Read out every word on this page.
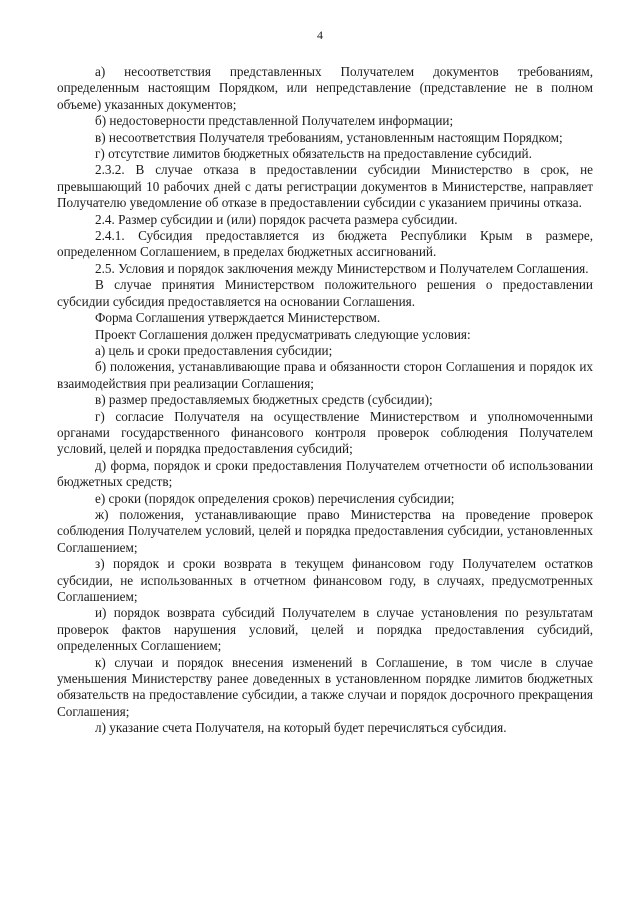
4

а) несоответствия представленных Получателем документов требованиям, определенным настоящим Порядком, или непредставление (представление не в полном объеме) указанных документов;

б) недостоверности представленной Получателем информации;

в) несоответствия Получателя требованиям, установленным настоящим Порядком;

г) отсутствие лимитов бюджетных обязательств на предоставление субсидий.

2.3.2. В случае отказа в предоставлении субсидии Министерство в срок, не превышающий 10 рабочих дней с даты регистрации документов в Министерстве, направляет Получателю уведомление об отказе в предоставлении субсидии с указанием причины отказа.

2.4. Размер субсидии и (или) порядок расчета размера субсидии.

2.4.1. Субсидия предоставляется из бюджета Республики Крым в размере, определенном Соглашением, в пределах бюджетных ассигнований.

2.5. Условия и порядок заключения между Министерством и Получателем Соглашения.

В случае принятия Министерством положительного решения о предоставлении субсидии субсидия предоставляется на основании Соглашения.

Форма Соглашения утверждается Министерством.

Проект Соглашения должен предусматривать следующие условия:

а) цель и сроки предоставления субсидии;

б) положения, устанавливающие права и обязанности сторон Соглашения и порядок их взаимодействия при реализации Соглашения;

в) размер предоставляемых бюджетных средств (субсидии);

г) согласие Получателя на осуществление Министерством и уполномоченными органами государственного финансового контроля проверок соблюдения Получателем условий, целей и порядка предоставления субсидий;

д) форма, порядок и сроки предоставления Получателем отчетности об использовании бюджетных средств;

е) сроки (порядок определения сроков) перечисления субсидии;

ж) положения, устанавливающие право Министерства на проведение проверок соблюдения Получателем условий, целей и порядка предоставления субсидии, установленных Соглашением;

з) порядок и сроки возврата в текущем финансовом году Получателем остатков субсидии, не использованных в отчетном финансовом году, в случаях, предусмотренных Соглашением;

и) порядок возврата субсидий Получателем в случае установления по результатам проверок фактов нарушения условий, целей и порядка предоставления субсидий, определенных Соглашением;

к) случаи и порядок внесения изменений в Соглашение, в том числе в случае уменьшения Министерству ранее доведенных в установленном порядке лимитов бюджетных обязательств на предоставление субсидии, а также случаи и порядок досрочного прекращения Соглашения;

л) указание счета Получателя, на который будет перечисляться субсидия.
